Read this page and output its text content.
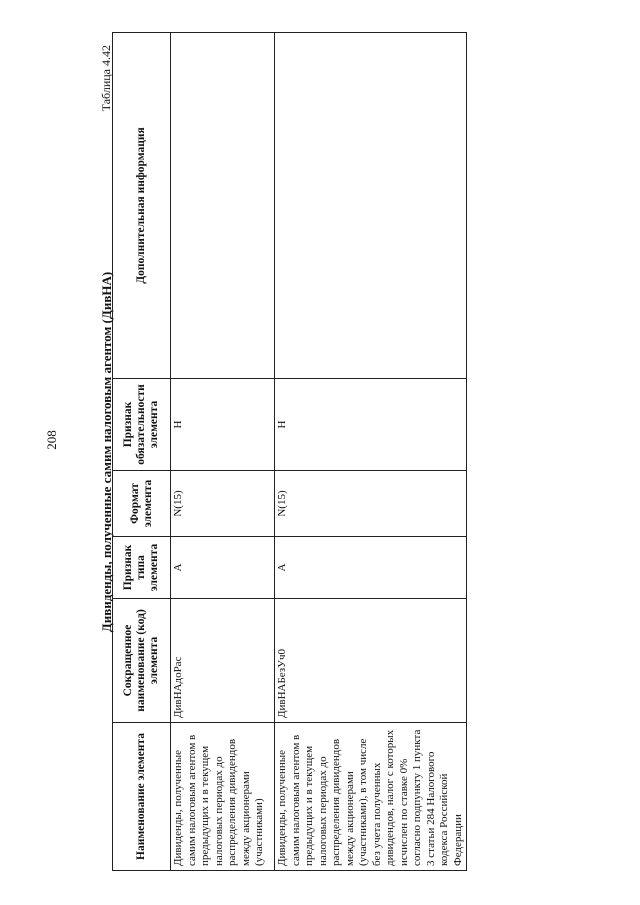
208
Таблица 4.42
Дивиденды, полученные самим налоговым агентом (ДивНА)
Наименование элемента	Сокращенное наименование (код) элемента	Признак типа элемента	Формат элемента	Признак обязательности элемента	Дополнительная информация
Дивиденды, полученные самим налоговым агентом в предыдущих и в текущем налоговых периодах до распределения дивидендов между акционерами (участниками)	ДивНАдоРас	А	N(15)	Н	
Дивиденды, полученные самим налоговым агентом в предыдущих и в текущем налоговых периодах до распределения дивидендов между акционерами (участниками), в том числе без учета полученных дивидендов, налог с которых исчислен по ставке 0% согласно подпункту 1 пункта 3 статьи 284 Налогового кодекса Российской Федерации	ДивНАБезУч0	А	N(15)	Н	
